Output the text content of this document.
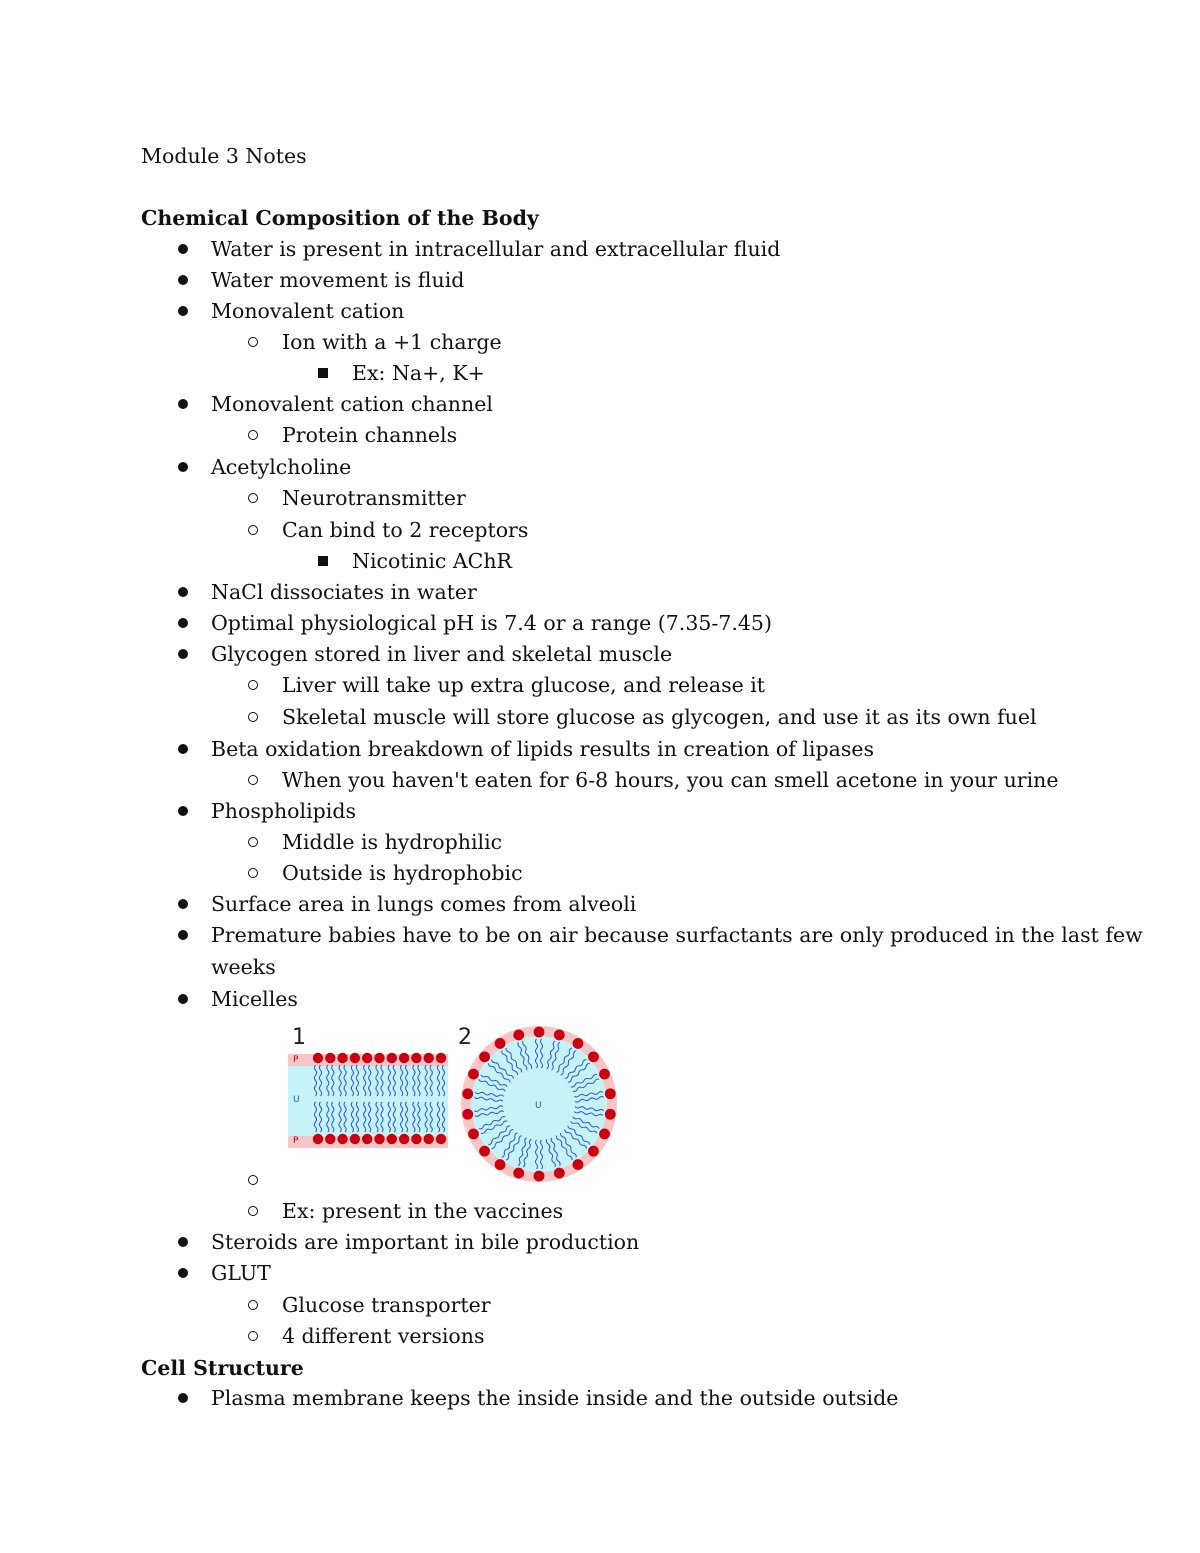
Module 3 Notes
Chemical Composition of the Body
Water is present in intracellular and extracellular fluid
Water movement is fluid
Monovalent cation
Ion with a +1 charge
Ex: Na+, K+
Monovalent cation channel
Protein channels
Acetylcholine
Neurotransmitter
Can bind to 2 receptors
Nicotinic AChR
NaCl dissociates in water
Optimal physiological pH is 7.4 or a range (7.35-7.45)
Glycogen stored in liver and skeletal muscle
Liver will take up extra glucose, and release it
Skeletal muscle will store glucose as glycogen, and use it as its own fuel
Beta oxidation breakdown of lipids results in creation of lipases
When you haven't eaten for 6-8 hours, you can smell acetone in your urine
Phospholipids
Middle is hydrophilic
Outside is hydrophobic
Surface area in lungs comes from alveoli
Premature babies have to be on air because surfactants are only produced in the last few
weeks
Micelles
Ex: present in the vaccines
Steroids are important in bile production
GLUT
Glucose transporter
4 different versions
1	2
P
P
U
U
Cell Structure
Plasma membrane keeps the inside inside and the outside outside
